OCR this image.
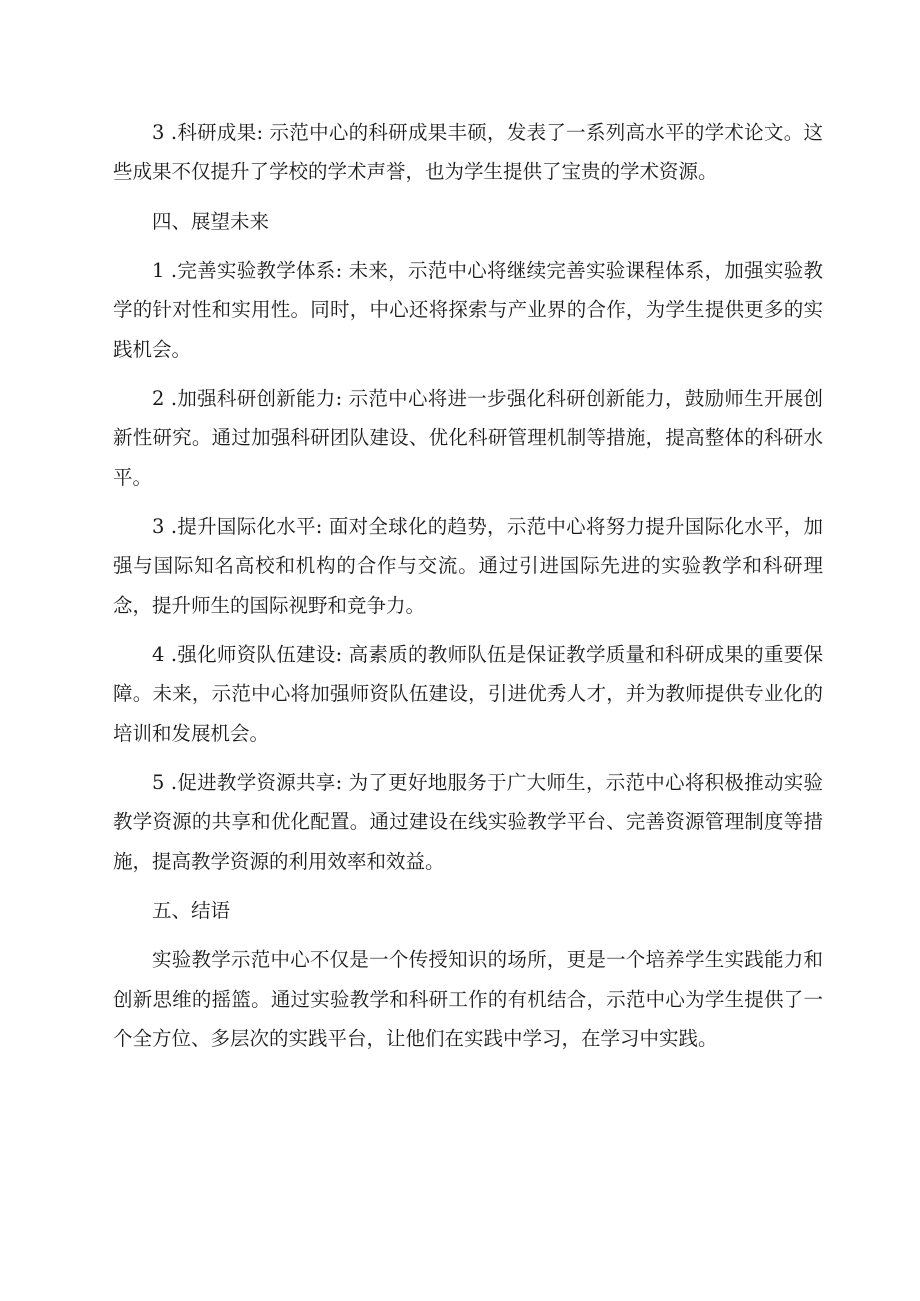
3 .科研成果: 示范中心的科研成果丰硕，发表了一系列高水平的学术论文。这些成果不仅提升了学校的学术声誉，也为学生提供了宝贵的学术资源。

四、展望未来

1 .完善实验教学体系: 未来，示范中心将继续完善实验课程体系，加强实验教学的针对性和实用性。同时，中心还将探索与产业界的合作，为学生提供更多的实践机会。

2 .加强科研创新能力: 示范中心将进一步强化科研创新能力，鼓励师生开展创新性研究。通过加强科研团队建设、优化科研管理机制等措施，提高整体的科研水平。

3 .提升国际化水平: 面对全球化的趋势，示范中心将努力提升国际化水平，加强与国际知名高校和机构的合作与交流。通过引进国际先进的实验教学和科研理念，提升师生的国际视野和竞争力。

4 .强化师资队伍建设: 高素质的教师队伍是保证教学质量和科研成果的重要保障。未来，示范中心将加强师资队伍建设，引进优秀人才，并为教师提供专业化的培训和发展机会。

5 .促进教学资源共享: 为了更好地服务于广大师生，示范中心将积极推动实验教学资源的共享和优化配置。通过建设在线实验教学平台、完善资源管理制度等措施，提高教学资源的利用效率和效益。

五、结语

实验教学示范中心不仅是一个传授知识的场所，更是一个培养学生实践能力和创新思维的摇篮。通过实验教学和科研工作的有机结合，示范中心为学生提供了一个全方位、多层次的实践平台，让他们在实践中学习，在学习中实践。
